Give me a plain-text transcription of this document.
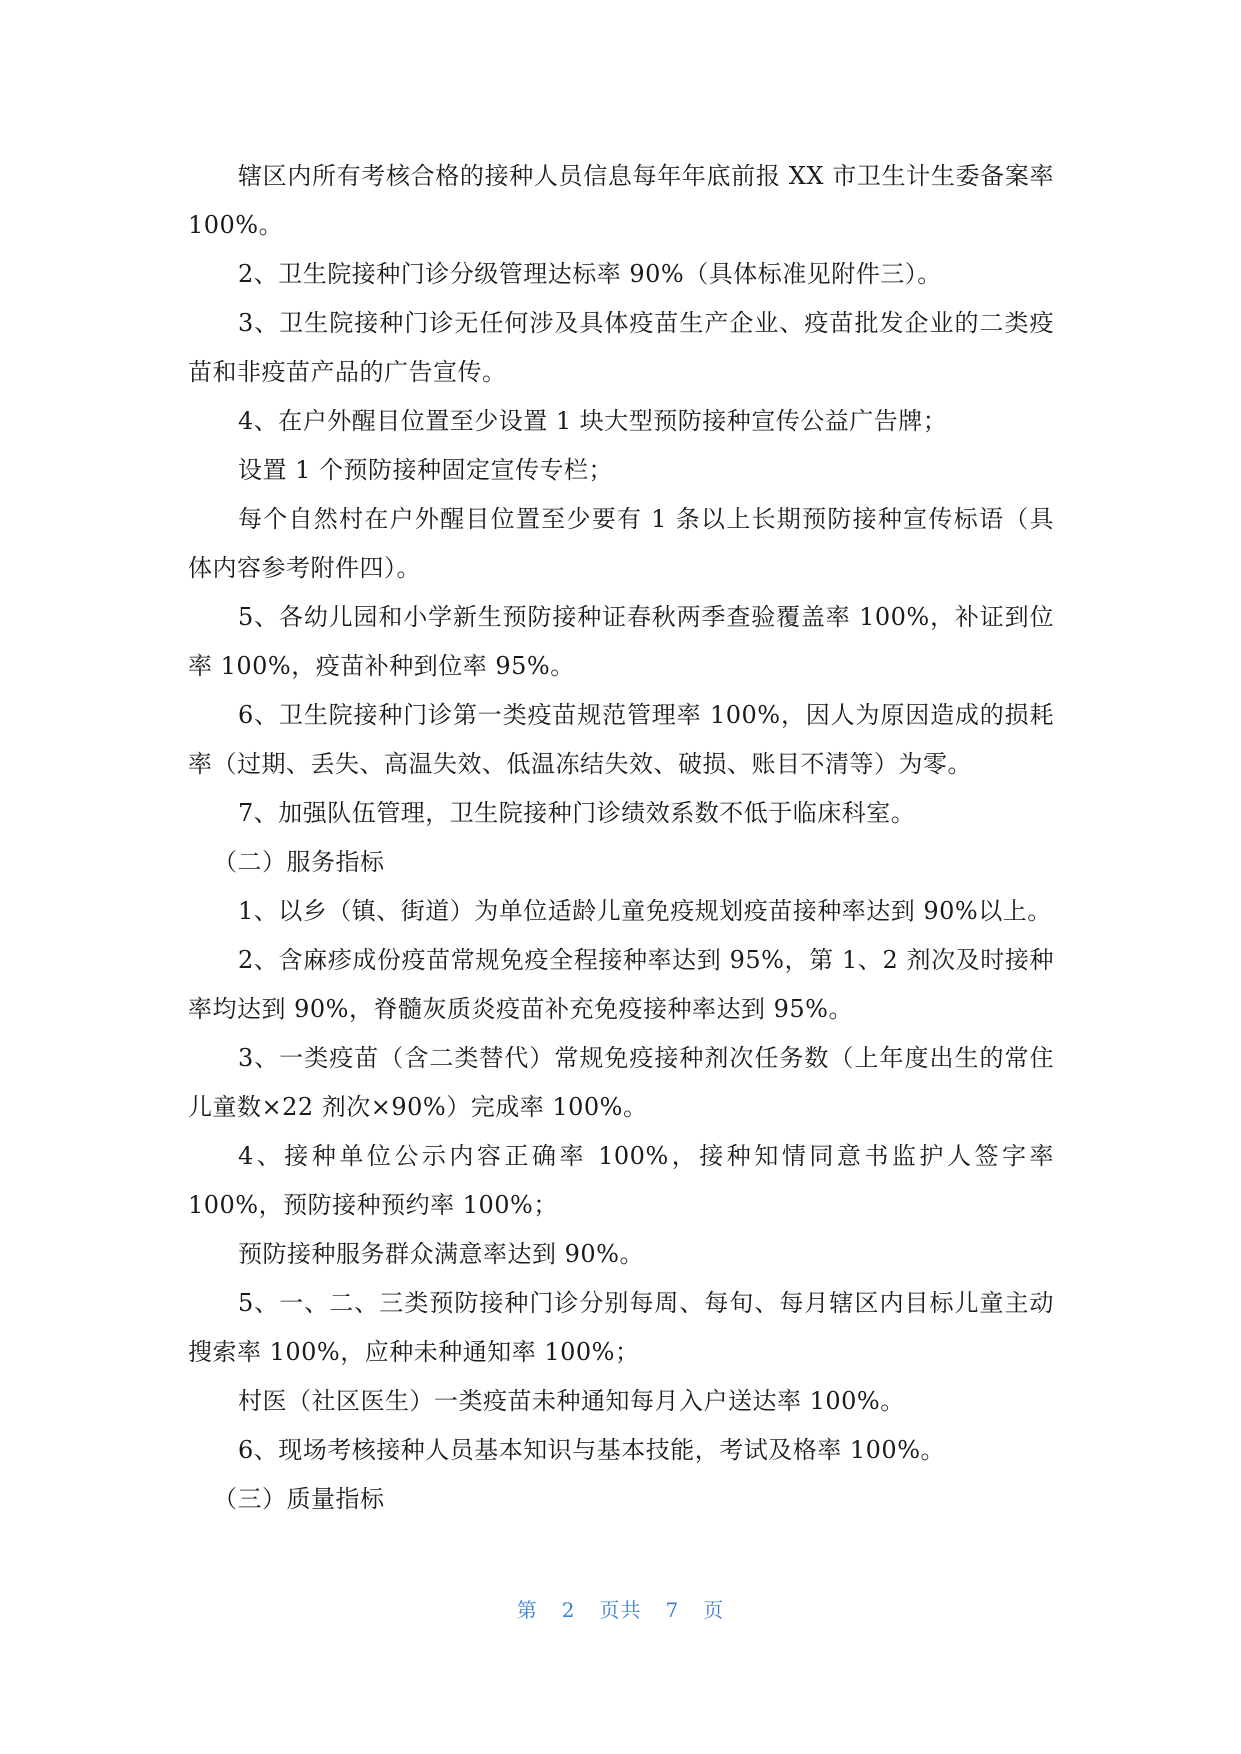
辖区内所有考核合格的接种人员信息每年年底前报 XX 市卫生计生委备案率 100%。

2、卫生院接种门诊分级管理达标率 90%（具体标准见附件三）。

3、卫生院接种门诊无任何涉及具体疫苗生产企业、疫苗批发企业的二类疫苗和非疫苗产品的广告宣传。

4、在户外醒目位置至少设置 1 块大型预防接种宣传公益广告牌；

设置 1 个预防接种固定宣传专栏；

每个自然村在户外醒目位置至少要有 1 条以上长期预防接种宣传标语（具体内容参考附件四）。

5、各幼儿园和小学新生预防接种证春秋两季查验覆盖率 100%，补证到位率 100%，疫苗补种到位率 95%。

6、卫生院接种门诊第一类疫苗规范管理率 100%，因人为原因造成的损耗率（过期、丢失、高温失效、低温冻结失效、破损、账目不清等）为零。

7、加强队伍管理，卫生院接种门诊绩效系数不低于临床科室。

（二）服务指标

1、以乡（镇、街道）为单位适龄儿童免疫规划疫苗接种率达到 90%以上。

2、含麻疹成份疫苗常规免疫全程接种率达到 95%，第 1、2 剂次及时接种率均达到 90%，脊髓灰质炎疫苗补充免疫接种率达到 95%。

3、一类疫苗（含二类替代）常规免疫接种剂次任务数（上年度出生的常住儿童数×22 剂次×90%）完成率 100%。

4、接种单位公示内容正确率 100%，接种知情同意书监护人签字率 100%，预防接种预约率 100%；

预防接种服务群众满意率达到 90%。

5、一、二、三类预防接种门诊分别每周、每旬、每月辖区内目标儿童主动搜索率 100%，应种未种通知率 100%；

村医（社区医生）一类疫苗未种通知每月入户送达率 100%。

6、现场考核接种人员基本知识与基本技能，考试及格率 100%。

（三）质量指标

第 2 页共 7 页
